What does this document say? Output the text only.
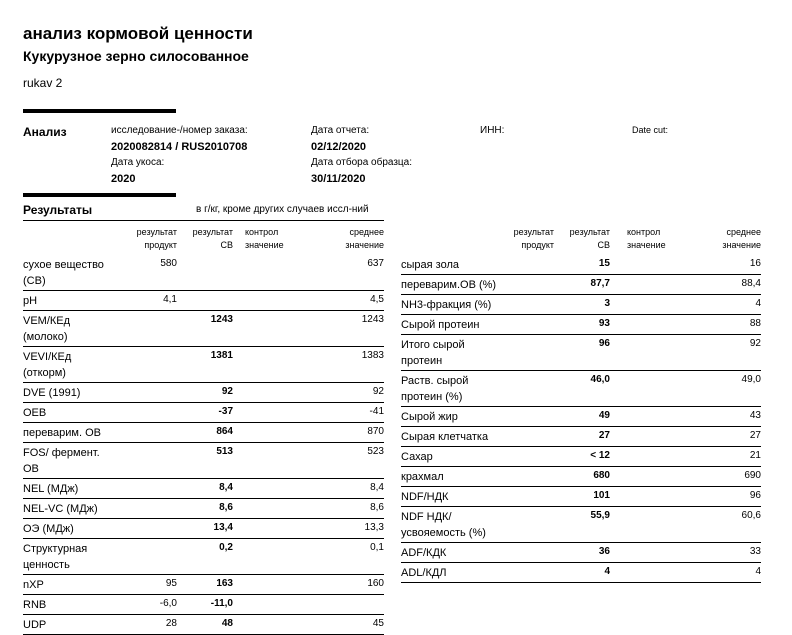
анализ кормовой ценности
Кукурузное зерно силосованное
rukav 2
Анализ	исследование-/номер заказа:
2020082814 / RUS2010708
Дата укоса:
2020
Дата отчета:
02/12/2020
Дата отбора образца:
30/11/2020
ИНН:	Date cut:
Результаты	в г/кг, кроме других случаев иссл-ний
	результат
продукт	результат
СВ	контрол
значение	среднее
значение
сухое вещество (СВ)	580			637
pH	4,1			4,5
VEM/КЕд (молоко)		1243		1243
VEVI/КЕд (откорм)		1381		1383
DVE (1991)		92		92
OEB		-37		-41
переварим. ОВ		864		870
FOS/ фермент. ОВ		513		523
NEL (МДж)		8,4		8,4
NEL-VC (МДж)		8,6		8,6
ОЭ (МДж)		13,4		13,3
Структурная ценность		0,2		0,1
nXP	95	163		160
RNB	-6,0	-11,0		
UDP	28	48		45
	результат
продукт	результат
СВ	контрол
значение	среднее
значение
сырая зола		15		16
переварим.ОВ (%)		87,7		88,4
NH3-фракция (%)		3		4
Сырой протеин		93		88
Итого сырой протеин		96		92
Раств. сырой протеин (%)		46,0		49,0
Сырой жир		49		43
Сырая клетчатка		27		27
Сахар		< 12		21
крахмал		680		690
NDF/НДК		101		96
NDF НДК/усвояемость (%)		55,9		60,6
ADF/КДК		36		33
ADL/КДЛ		4		4
